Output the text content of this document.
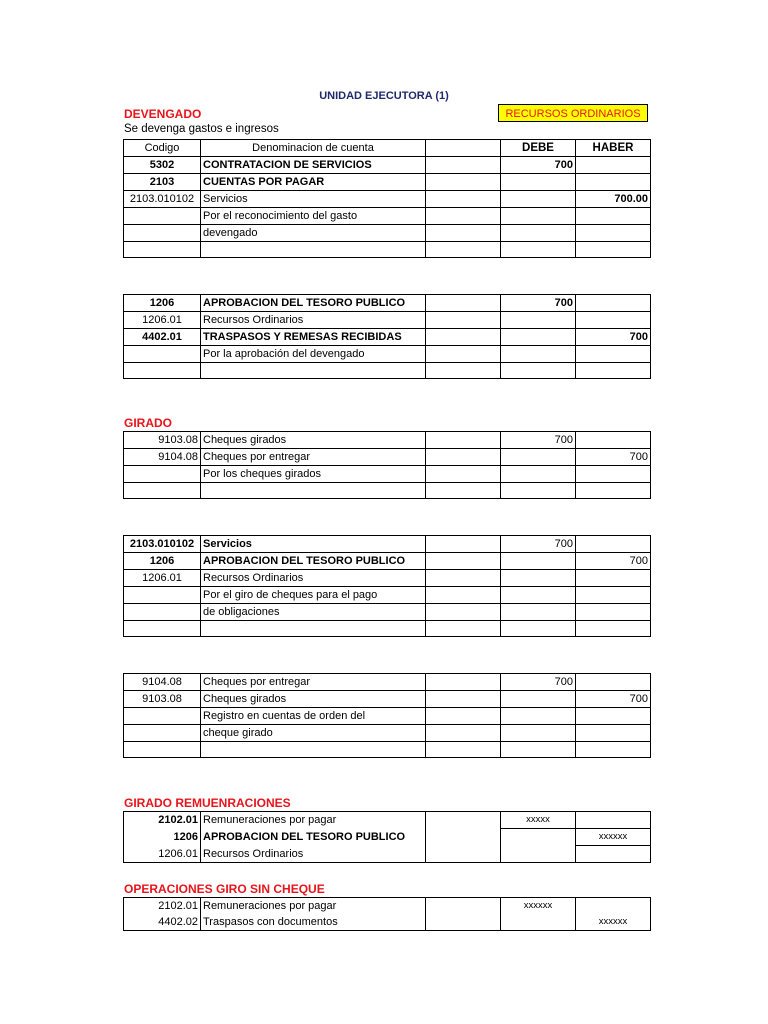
UNIDAD EJECUTORA (1)
DEVENGADO	RECURSOS ORDINARIOS
Se devenga gastos e ingresos
Codigo	Denominacion de cuenta		DEBE	HABER
5302	CONTRATACION DE SERVICIOS		700	
2103	CUENTAS POR PAGAR			
2103.010102	Servicios			700.00
	Por el reconocimiento del gasto			
	devengado			

1206	APROBACION DEL TESORO PUBLICO		700	
1206.01	Recursos Ordinarios			
4402.01	TRASPASOS Y REMESAS RECIBIDAS			700
	Por la aprobación del devengado			

GIRADO
9103.08	Cheques girados		700	
9104.08	Cheques por entregar			700
	Por los cheques girados			

2103.010102	Servicios		700	
1206	APROBACION DEL TESORO PUBLICO			700
1206.01	Recursos Ordinarios			
	Por el giro de cheques para el pago			
	de obligaciones			

9104.08	Cheques por entregar		700	
9103.08	Cheques girados			700
	Registro en cuentas de orden del			
	cheque girado			

GIRADO REMUENRACIONES
2102.01	Remuneraciones por pagar		xxxxx	
1206	APROBACION DEL TESORO PUBLICO			xxxxxx
1206.01	Recursos Ordinarios			
OPERACIONES GIRO SIN CHEQUE
2102.01	Remuneraciones por pagar		xxxxxx	
4402.02	Traspasos con documentos			xxxxxx
